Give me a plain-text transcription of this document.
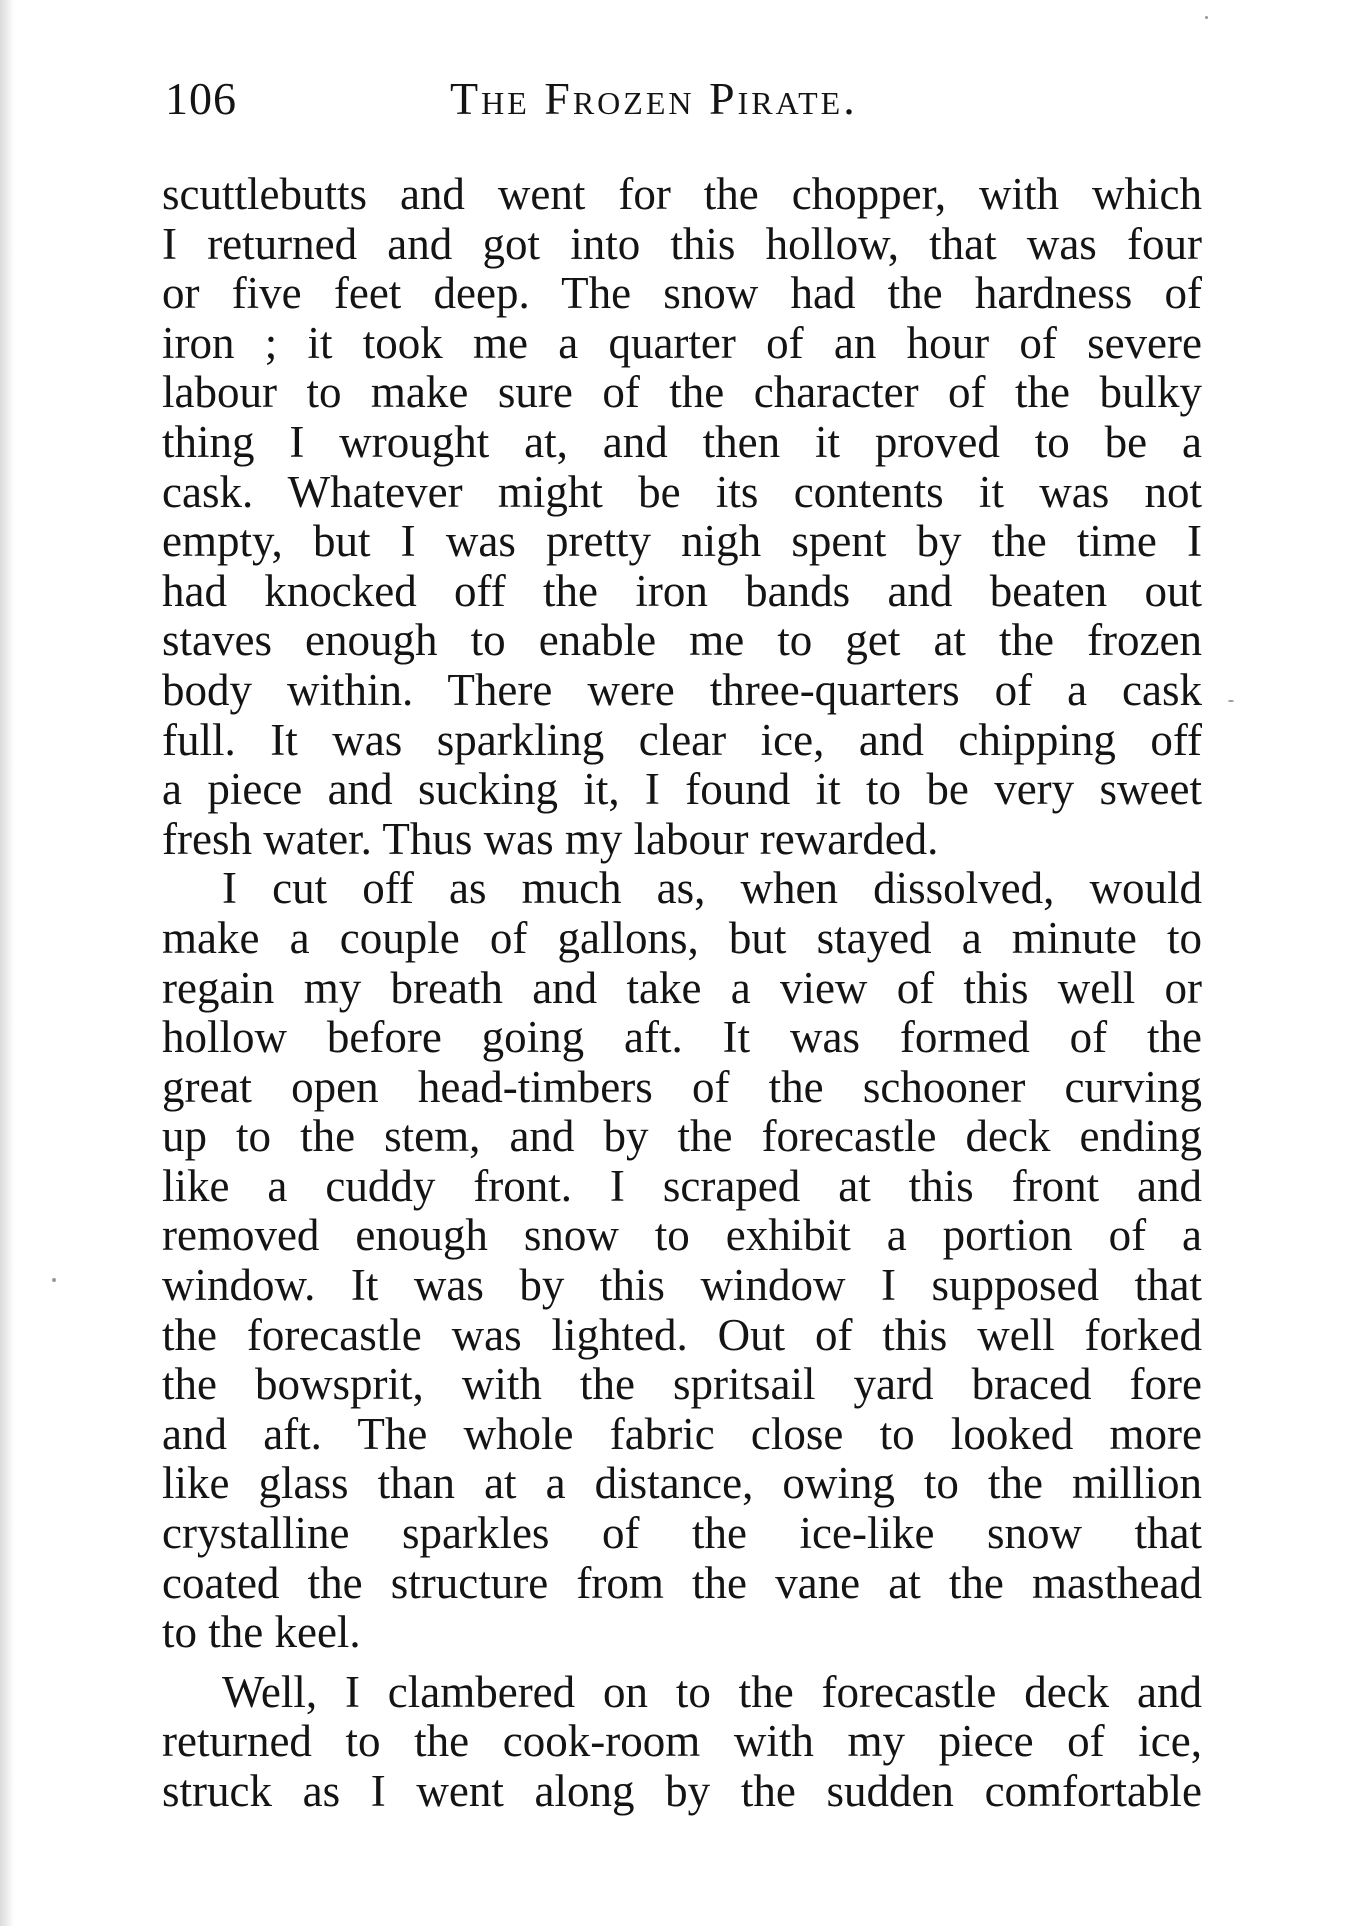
106	The Frozen Pirate.
scuttlebutts and went for the chopper, with which
I returned and got into this hollow, that was four
or five feet deep. The snow had the hardness of
iron ; it took me a quarter of an hour of severe
labour to make sure of the character of the bulky
thing I wrought at, and then it proved to be a
cask. Whatever might be its contents it was not
empty, but I was pretty nigh spent by the time I
had knocked off the iron bands and beaten out
staves enough to enable me to get at the frozen
body within. There were three-quarters of a cask
full. It was sparkling clear ice, and chipping off
a piece and sucking it, I found it to be very sweet
fresh water. Thus was my labour rewarded.
I cut off as much as, when dissolved, would
make a couple of gallons, but stayed a minute to
regain my breath and take a view of this well or
hollow before going aft. It was formed of the
great open head-timbers of the schooner curving
up to the stem, and by the forecastle deck ending
like a cuddy front. I scraped at this front and
removed enough snow to exhibit a portion of a
window. It was by this window I supposed that
the forecastle was lighted. Out of this well forked
the bowsprit, with the spritsail yard braced fore
and aft. The whole fabric close to looked more
like glass than at a distance, owing to the million
crystalline sparkles of the ice-like snow that
coated the structure from the vane at the masthead
to the keel.
Well, I clambered on to the forecastle deck and
returned to the cook-room with my piece of ice,
struck as I went along by the sudden comfortable
